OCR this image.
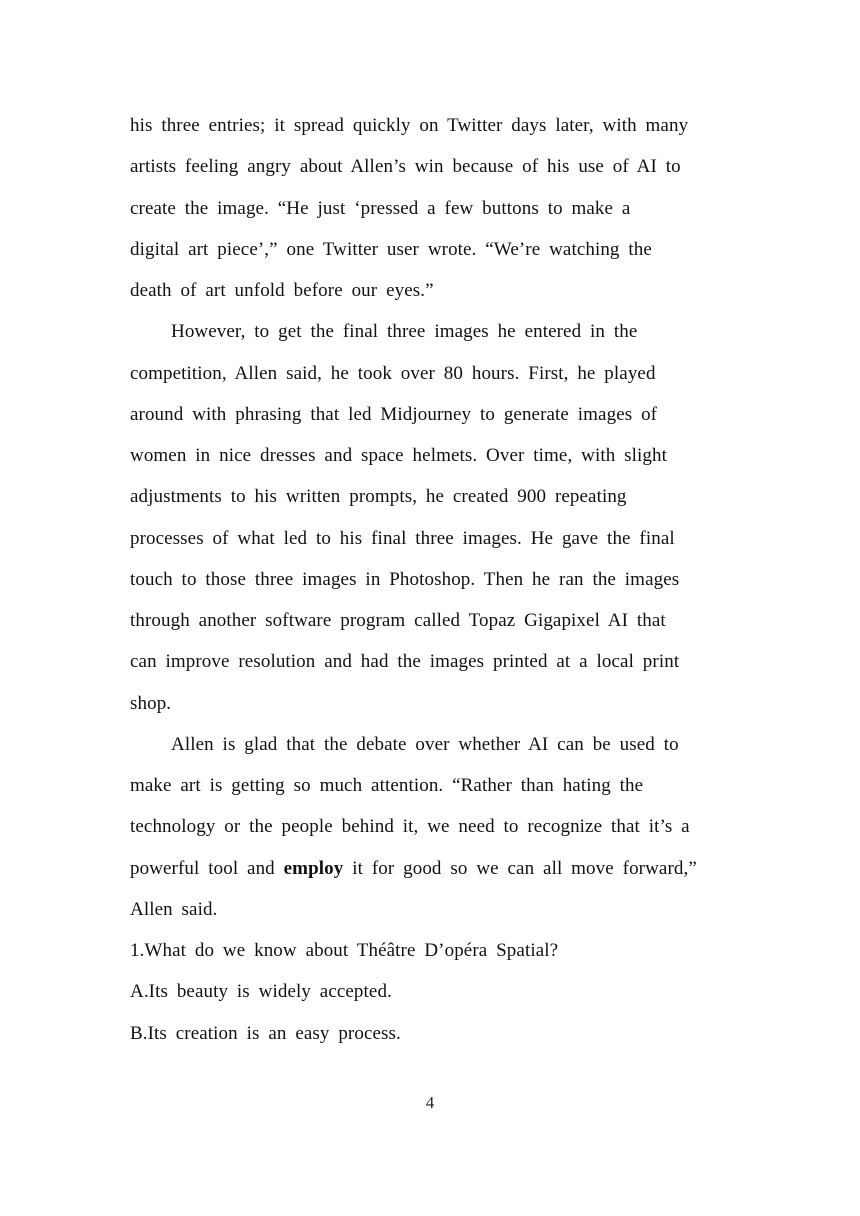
his three entries; it spread quickly on Twitter days later, with many

artists feeling angry about Allen’s win because of his use of AI to

create the image. “He just ‘pressed a few buttons to make a

digital art piece’,” one Twitter user wrote. “We’re watching the

death of art unfold before our eyes.”

However, to get the final three images he entered in the

competition, Allen said, he took over 80 hours. First, he played

around with phrasing that led Midjourney to generate images of

women in nice dresses and space helmets. Over time, with slight

adjustments to his written prompts, he created 900 repeating

processes of what led to his final three images. He gave the final

touch to those three images in Photoshop. Then he ran the images

through another software program called Topaz Gigapixel AI that

can improve resolution and had the images printed at a local print

shop.

Allen is glad that the debate over whether AI can be used to

make art is getting so much attention. “Rather than hating the

technology or the people behind it, we need to recognize that it’s a

powerful tool and employ it for good so we can all move forward,”

Allen said.

1.What do we know about Théâtre D’opéra Spatial?

A.Its beauty is widely accepted.

B.Its creation is an easy process.

4
